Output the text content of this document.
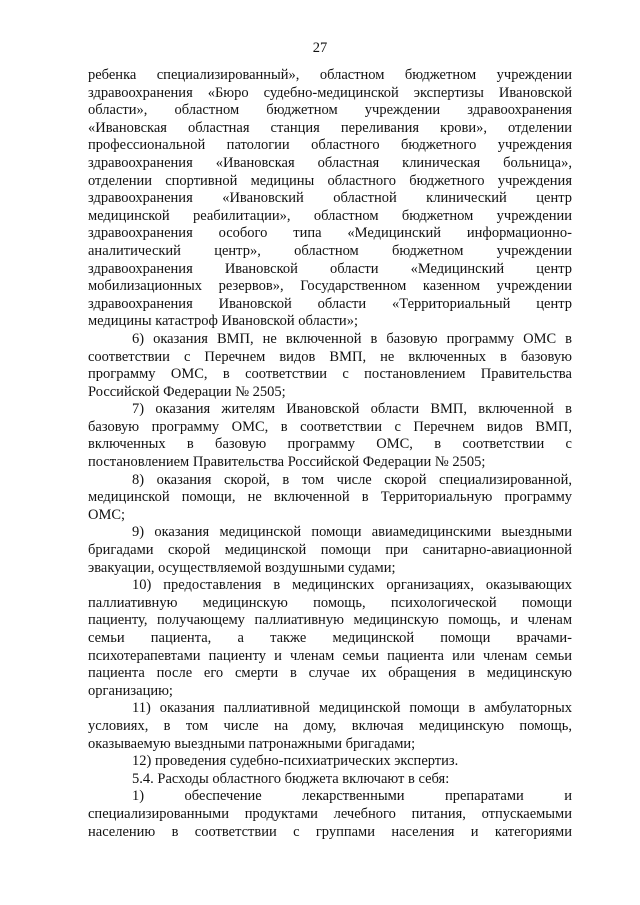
27
ребенка специализированный», областном бюджетном учреждении
здравоохранения «Бюро судебно-медицинской экспертизы Ивановской
области», областном бюджетном учреждении здравоохранения
«Ивановская областная станция переливания крови», отделении
профессиональной патологии областного бюджетного учреждения
здравоохранения «Ивановская областная клиническая больница»,
отделении спортивной медицины областного бюджетного учреждения
здравоохранения «Ивановский областной клинический центр
медицинской реабилитации», областном бюджетном учреждении
здравоохранения особого типа «Медицинский информационно-
аналитический центр», областном бюджетном учреждении
здравоохранения Ивановской области «Медицинский центр
мобилизационных резервов», Государственном казенном учреждении
здравоохранения Ивановской области «Территориальный центр
медицины катастроф Ивановской области»;
6) оказания ВМП, не включенной в базовую программу ОМС в
соответствии с Перечнем видов ВМП, не включенных в базовую
программу ОМС, в соответствии с постановлением Правительства
Российской Федерации № 2505;
7) оказания жителям Ивановской области ВМП, включенной в
базовую программу ОМС, в соответствии с Перечнем видов ВМП,
включенных в базовую программу ОМС, в соответствии с
постановлением Правительства Российской Федерации № 2505;
8) оказания скорой, в том числе скорой специализированной,
медицинской помощи, не включенной в Территориальную программу
ОМС;
9) оказания медицинской помощи авиамедицинскими выездными
бригадами скорой медицинской помощи при санитарно-авиационной
эвакуации, осуществляемой воздушными судами;
10) предоставления в медицинских организациях, оказывающих
паллиативную медицинскую помощь, психологической помощи
пациенту, получающему паллиативную медицинскую помощь, и членам
семьи пациента, а также медицинской помощи врачами-
психотерапевтами пациенту и членам семьи пациента или членам семьи
пациента после его смерти в случае их обращения в медицинскую
организацию;
11) оказания паллиативной медицинской помощи в амбулаторных
условиях, в том числе на дому, включая медицинскую помощь,
оказываемую выездными патронажными бригадами;
12) проведения судебно-психиатрических экспертиз.
5.4. Расходы областного бюджета включают в себя:
1) обеспечение лекарственными препаратами и
специализированными продуктами лечебного питания, отпускаемыми
населению в соответствии с группами населения и категориями
